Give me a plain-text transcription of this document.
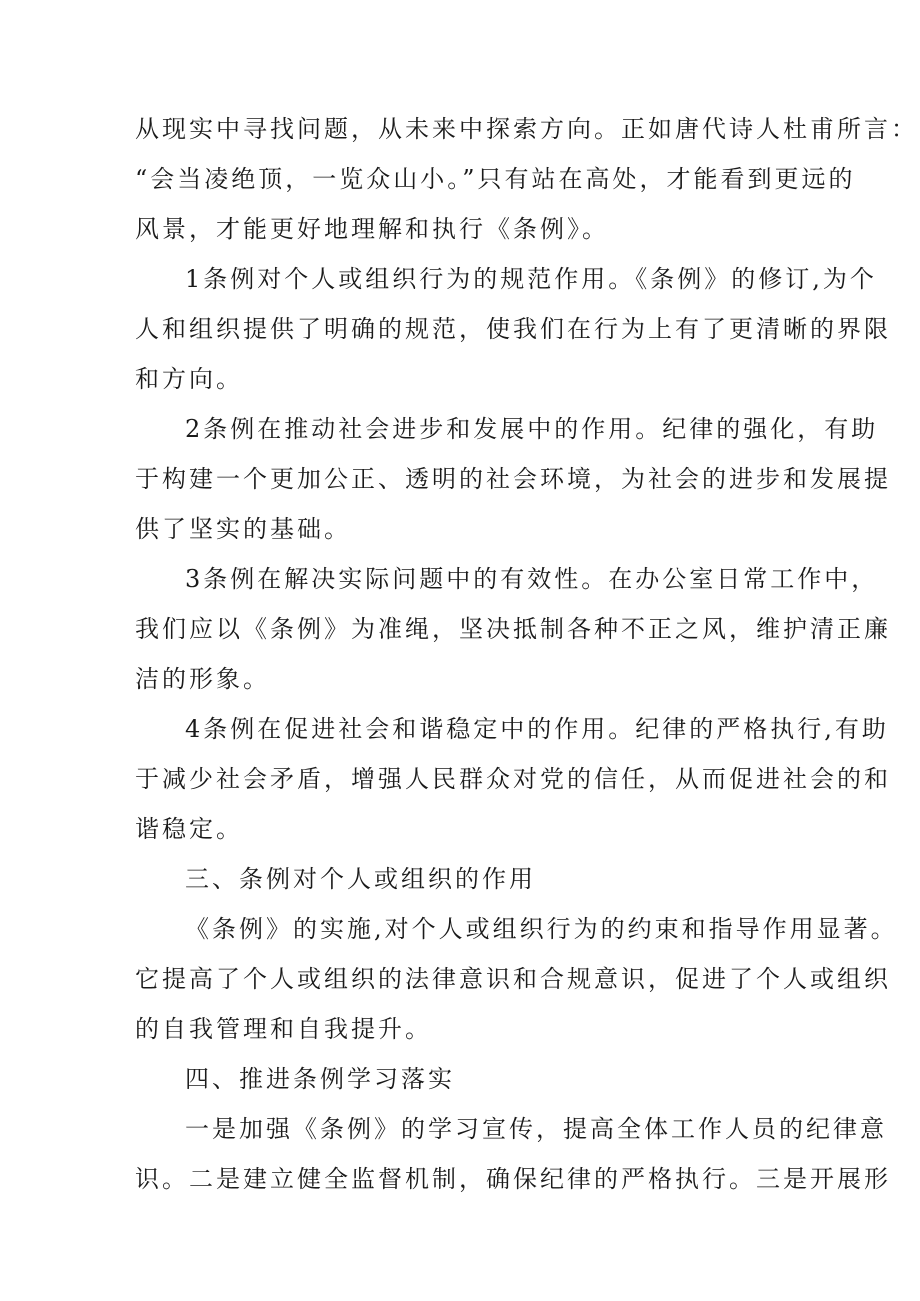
从现实中寻找问题，从未来中探索方向。正如唐代诗人杜甫所言：
“会当凌绝顶，一览众山小。”只有站在高处，才能看到更远的
风景，才能更好地理解和执行《条例》。
1条例对个人或组织行为的规范作用。《条例》的修订,为个
人和组织提供了明确的规范，使我们在行为上有了更清晰的界限
和方向。
2条例在推动社会进步和发展中的作用。纪律的强化，有助
于构建一个更加公正、透明的社会环境，为社会的进步和发展提
供了坚实的基础。
3条例在解决实际问题中的有效性。在办公室日常工作中，
我们应以《条例》为准绳，坚决抵制各种不正之风，维护清正廉
洁的形象。
4条例在促进社会和谐稳定中的作用。纪律的严格执行,有助
于减少社会矛盾，增强人民群众对党的信任，从而促进社会的和
谐稳定。
三、条例对个人或组织的作用
《条例》的实施,对个人或组织行为的约束和指导作用显著。
它提高了个人或组织的法律意识和合规意识，促进了个人或组织
的自我管理和自我提升。
四、推进条例学习落实
一是加强《条例》的学习宣传，提高全体工作人员的纪律意
识。二是建立健全监督机制，确保纪律的严格执行。三是开展形
